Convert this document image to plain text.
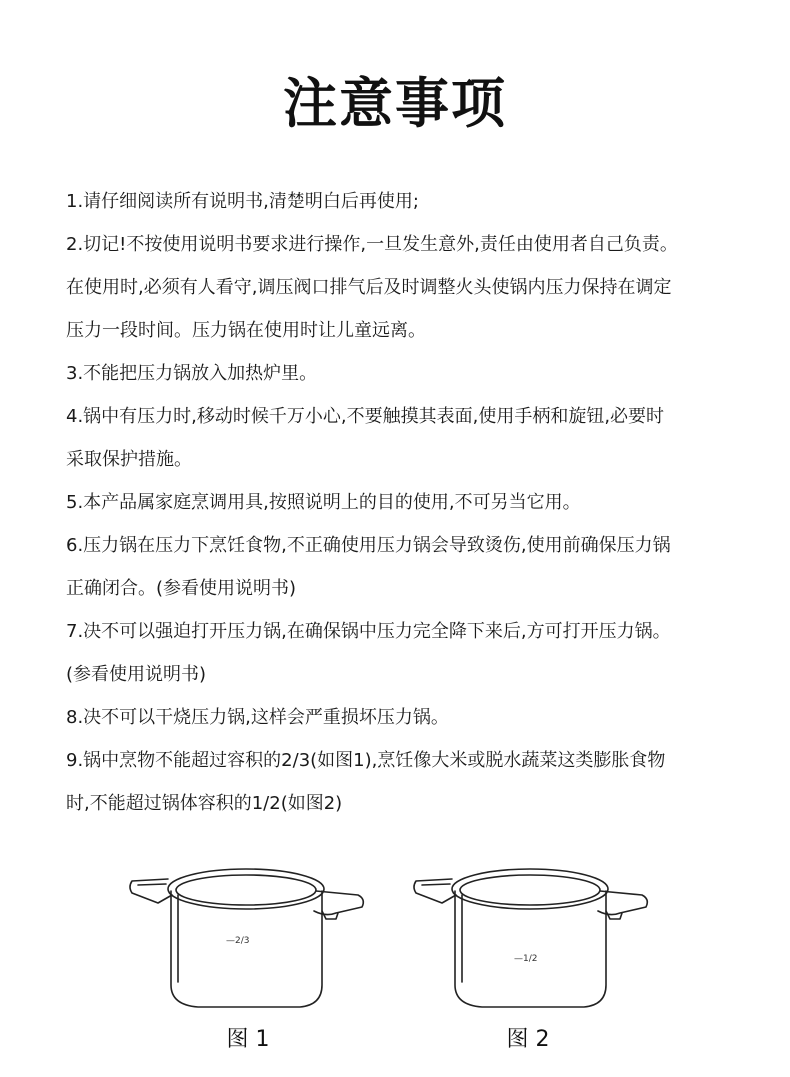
注意事项

1.请仔细阅读所有说明书,清楚明白后再使用;

2.切记!不按使用说明书要求进行操作,一旦发生意外,责任由使用者自己负责。

在使用时,必须有人看守,调压阀口排气后及时调整火头使锅内压力保持在调定

压力一段时间。压力锅在使用时让儿童远离。

3.不能把压力锅放入加热炉里。

4.锅中有压力时,移动时候千万小心,不要触摸其表面,使用手柄和旋钮,必要时

采取保护措施。

5.本产品属家庭烹调用具,按照说明上的目的使用,不可另当它用。

6.压力锅在压力下烹饪食物,不正确使用压力锅会导致烫伤,使用前确保压力锅

正确闭合。(参看使用说明书)

7.决不可以强迫打开压力锅,在确保锅中压力完全降下来后,方可打开压力锅。

(参看使用说明书)

8.决不可以干烧压力锅,这样会严重损坏压力锅。

9.锅中烹物不能超过容积的2/3(如图1),烹饪像大米或脱水蔬菜这类膨胀食物

时,不能超过锅体容积的1/2(如图2)

—2/3
图 1
—1/2
图 2
